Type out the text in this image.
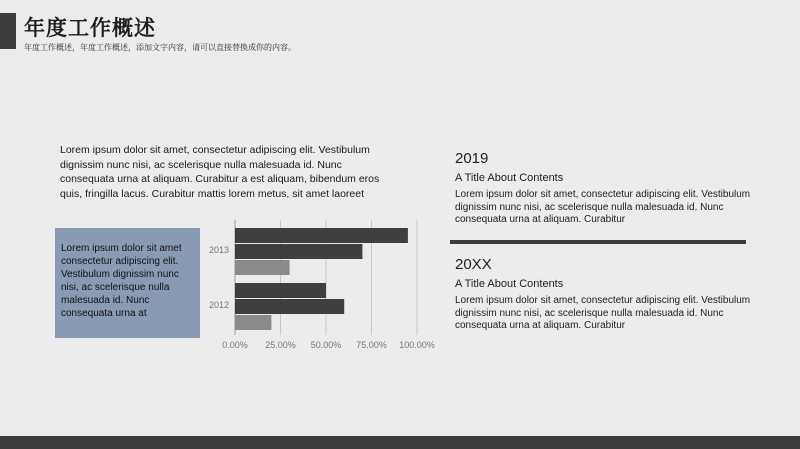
年度工作概述
年度工作概述，年度工作概述，添加文字内容，请可以直接替换成你的内容。
Lorem ipsum dolor sit amet, consectetur adipiscing elit. Vestibulum dignissim nunc nisi, ac scelerisque nulla malesuada id. Nunc consequata urna at aliquam. Curabitur a est aliquam, bibendum eros quis, fringilla lacus. Curabitur mattis lorem metus, sit amet laoreet
Lorem ipsum dolor sit amet consectetur adipiscing elit. Vestibulum dignissim nunc nisi, ac scelerisque nulla malesuada id. Nunc consequata urna at
0.00% 25.00% 50.00% 75.00% 100.00%
2013
2012
2019
A Title About Contents
Lorem ipsum dolor sit amet, consectetur adipiscing elit. Vestibulum dignissim nunc nisi, ac scelerisque nulla malesuada id. Nunc consequata urna at aliquam. Curabitur
20XX
A Title About Contents
Lorem ipsum dolor sit amet, consectetur adipiscing elit. Vestibulum dignissim nunc nisi, ac scelerisque nulla malesuada id. Nunc consequata urna at aliquam. Curabitur
